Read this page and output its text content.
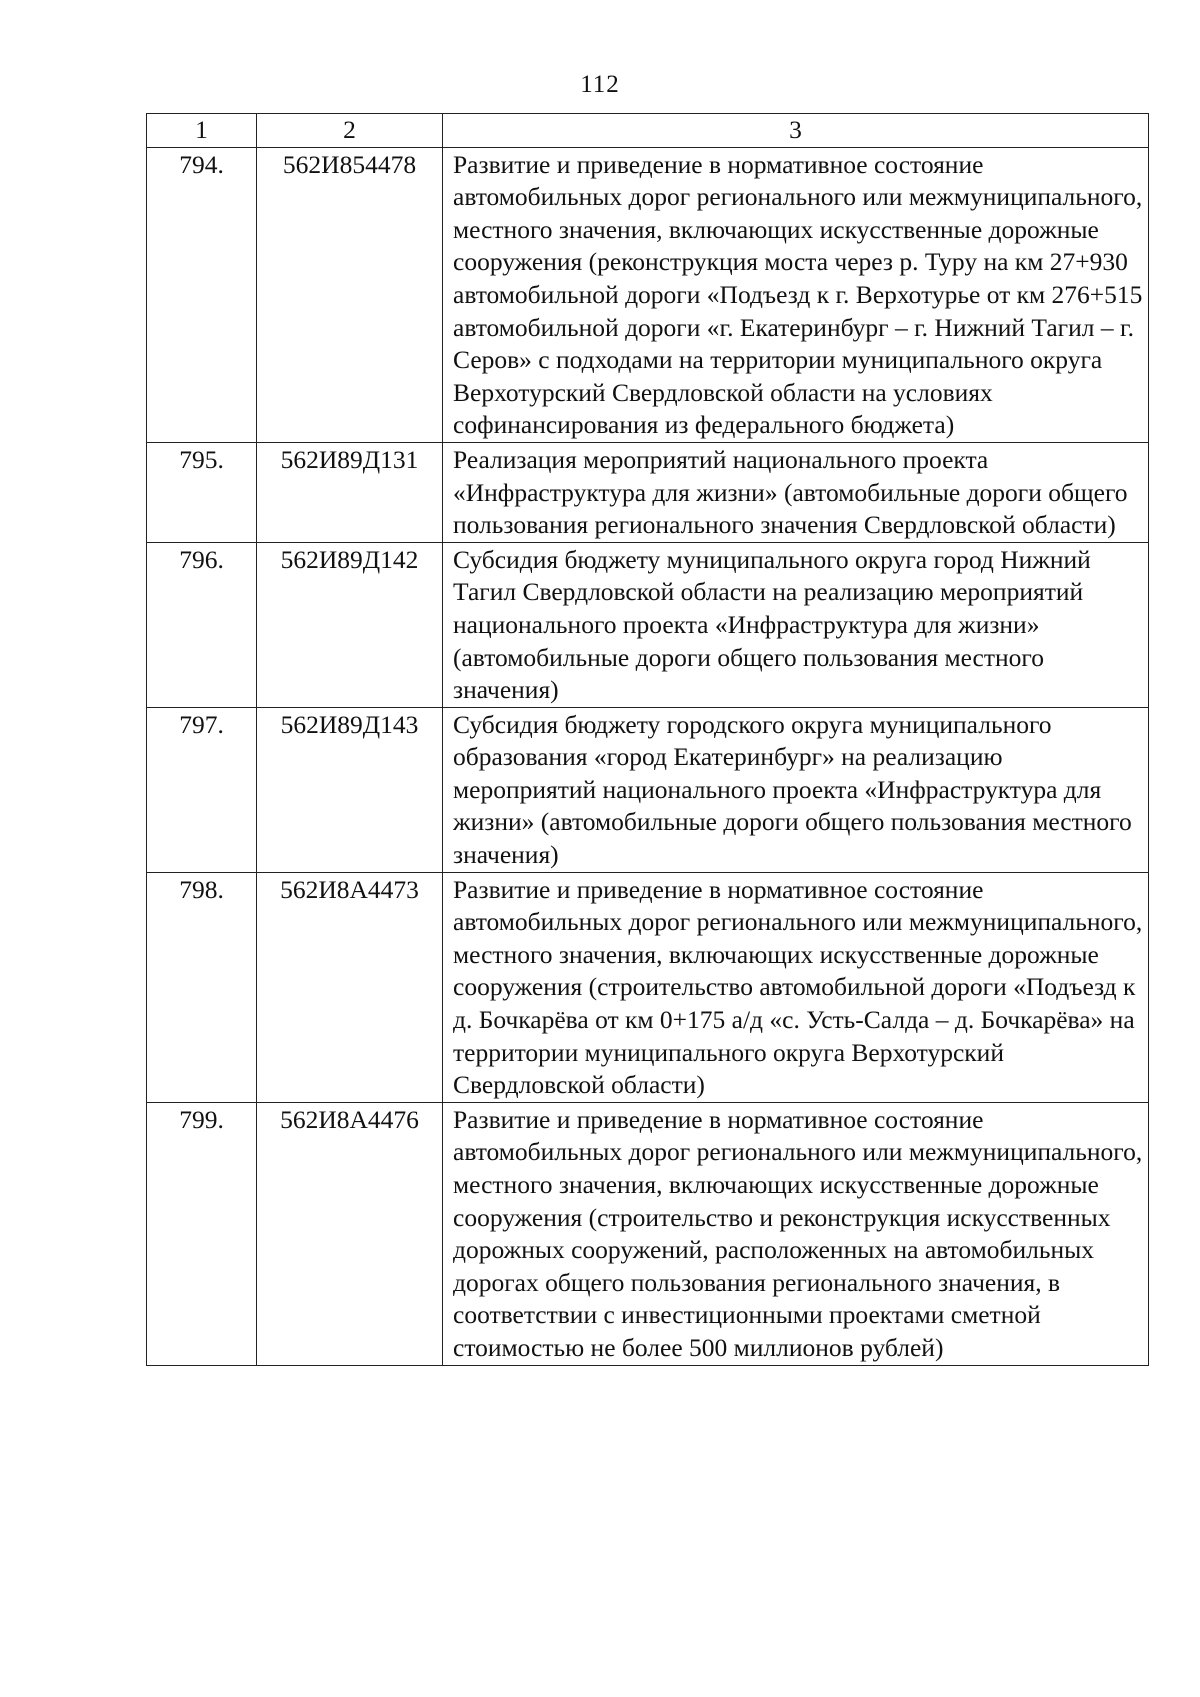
112
1	2	3
794.	562И854478	Развитие и приведение в нормативное состояние автомобильных дорог регионального или межмуниципального, местного значения, включающих искусственные дорожные сооружения (реконструкция моста через р. Туру на км 27+930 автомобильной дороги «Подъезд к г. Верхотурье от км 276+515 автомобильной дороги «г. Екатеринбург – г. Нижний Тагил – г. Серов» с подходами на территории муниципального округа Верхотурский Свердловской области на условиях софинансирования из федерального бюджета)
795.	562И89Д131	Реализация мероприятий национального проекта «Инфраструктура для жизни» (автомобильные дороги общего пользования регионального значения Свердловской области)
796.	562И89Д142	Субсидия бюджету муниципального округа город Нижний Тагил Свердловской области на реализацию мероприятий национального проекта «Инфраструктура для жизни» (автомобильные дороги общего пользования местного значения)
797.	562И89Д143	Субсидия бюджету городского округа муниципального образования «город Екатеринбург» на реализацию мероприятий национального проекта «Инфраструктура для жизни» (автомобильные дороги общего пользования местного значения)
798.	562И8А4473	Развитие и приведение в нормативное состояние автомобильных дорог регионального или межмуниципального, местного значения, включающих искусственные дорожные сооружения (строительство автомобильной дороги «Подъезд к д. Бочкарёва от км 0+175 а/д «с. Усть-Салда – д. Бочкарёва» на территории муниципального округа Верхотурский Свердловской области)
799.	562И8А4476	Развитие и приведение в нормативное состояние автомобильных дорог регионального или межмуниципального, местного значения, включающих искусственные дорожные сооружения (строительство и реконструкция искусственных дорожных сооружений, расположенных на автомобильных дорогах общего пользования регионального значения, в соответствии с инвестиционными проектами сметной стоимостью не более 500 миллионов рублей)
